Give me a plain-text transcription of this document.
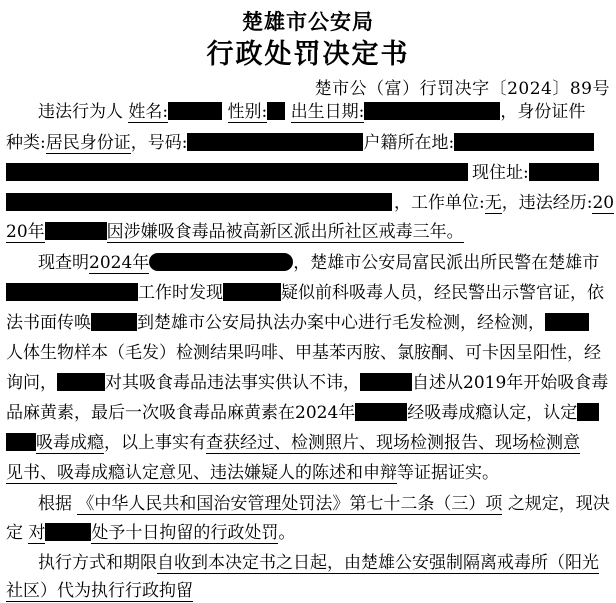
楚雄市公安局
行政处罚决定书
楚市公（富）行罚决字〔2024〕89号
违法行为人 姓名:	性别: 出生日期:	，身份证件
种类:居民身份证，号码:	户籍所在地:
现住址:
，工作单位:无，违法经历:20
20年	因涉嫌吸食毒品被高新区派出所社区戒毒三年。
现查明2024年	，楚雄市公安局富民派出所民警在楚雄市
工作时发现	疑似前科吸毒人员，经民警出示警官证，依
法书面传唤	到楚雄市公安局执法办案中心进行毛发检测，经检测，
人体生物样本（毛发）检测结果吗啡、甲基苯丙胺、氯胺酮、可卡因呈阳性，经
询问，	对其吸食毒品违法事实供认不讳，	自述从2019年开始吸食毒
品麻黄素，最后一次吸食毒品麻黄素在2024年	经吸毒成瘾认定，认定
吸毒成瘾，以上事实有查获经过、检测照片、现场检测报告、现场检测意
见书、吸毒成瘾认定意见、违法嫌疑人的陈述和申辩等证据证实。
根据 《中华人民共和国治安管理处罚法》第七十二条（三）项 之规定，现决
定 对	处予十日拘留的行政处罚。
执行方式和期限自收到本决定书之日起，由楚雄公安强制隔离戒毒所（阳光
社区）代为执行行政拘留
